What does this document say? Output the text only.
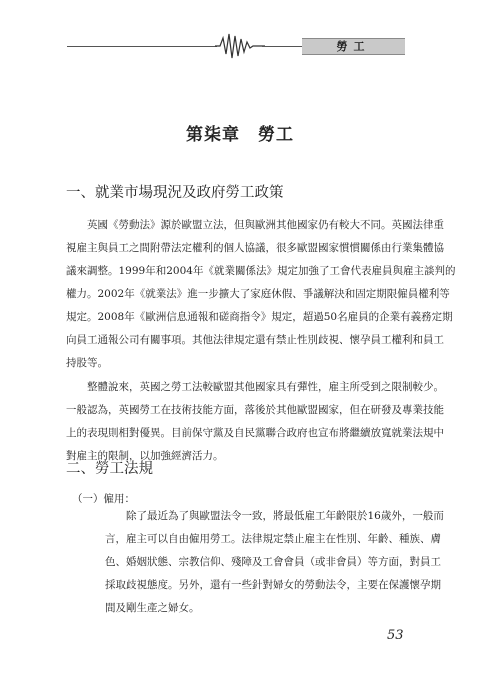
勞工
第柒章　勞工
一、就業市場現況及政府勞工政策
英國《勞動法》源於歐盟立法，但與歐洲其他國家仍有較大不同。英國法律重
視雇主與員工之間附帶法定權利的個人協議，很多歐盟國家慣慣關係由行業集體協
議來調整。1999年和2004年《就業關係法》規定加強了工會代表雇員與雇主談判的
權力。2002年《就業法》進一步擴大了家庭休假、爭議解決和固定期限僱員權利等
規定。2008年《歐洲信息通報和磋商指令》規定，超過50名雇員的企業有義務定期
向員工通報公司有關事項。其他法律規定還有禁止性別歧視、懷孕員工權利和員工
持股等。
整體說來，英國之勞工法較歐盟其他國家具有彈性，雇主所受到之限制較少。
一般認為，英國勞工在技術技能方面，落後於其他歐盟國家，但在研發及專業技能
上的表現則相對優異。目前保守黨及自民黨聯合政府也宣布將繼續放寬就業法規中
對雇主的限制，以加強經濟活力。
二、勞工法規
（一）僱用：
除了最近為了與歐盟法令一致，將最低雇工年齡限於16歲外，一般而
言，雇主可以自由僱用勞工。法律規定禁止雇主在性別、年齡、種族、膚
色、婚姻狀態、宗教信仰、殘障及工會會員（或非會員）等方面，對員工
採取歧視態度。另外，還有一些針對婦女的勞動法令，主要在保護懷孕期
間及剛生產之婦女。
53
